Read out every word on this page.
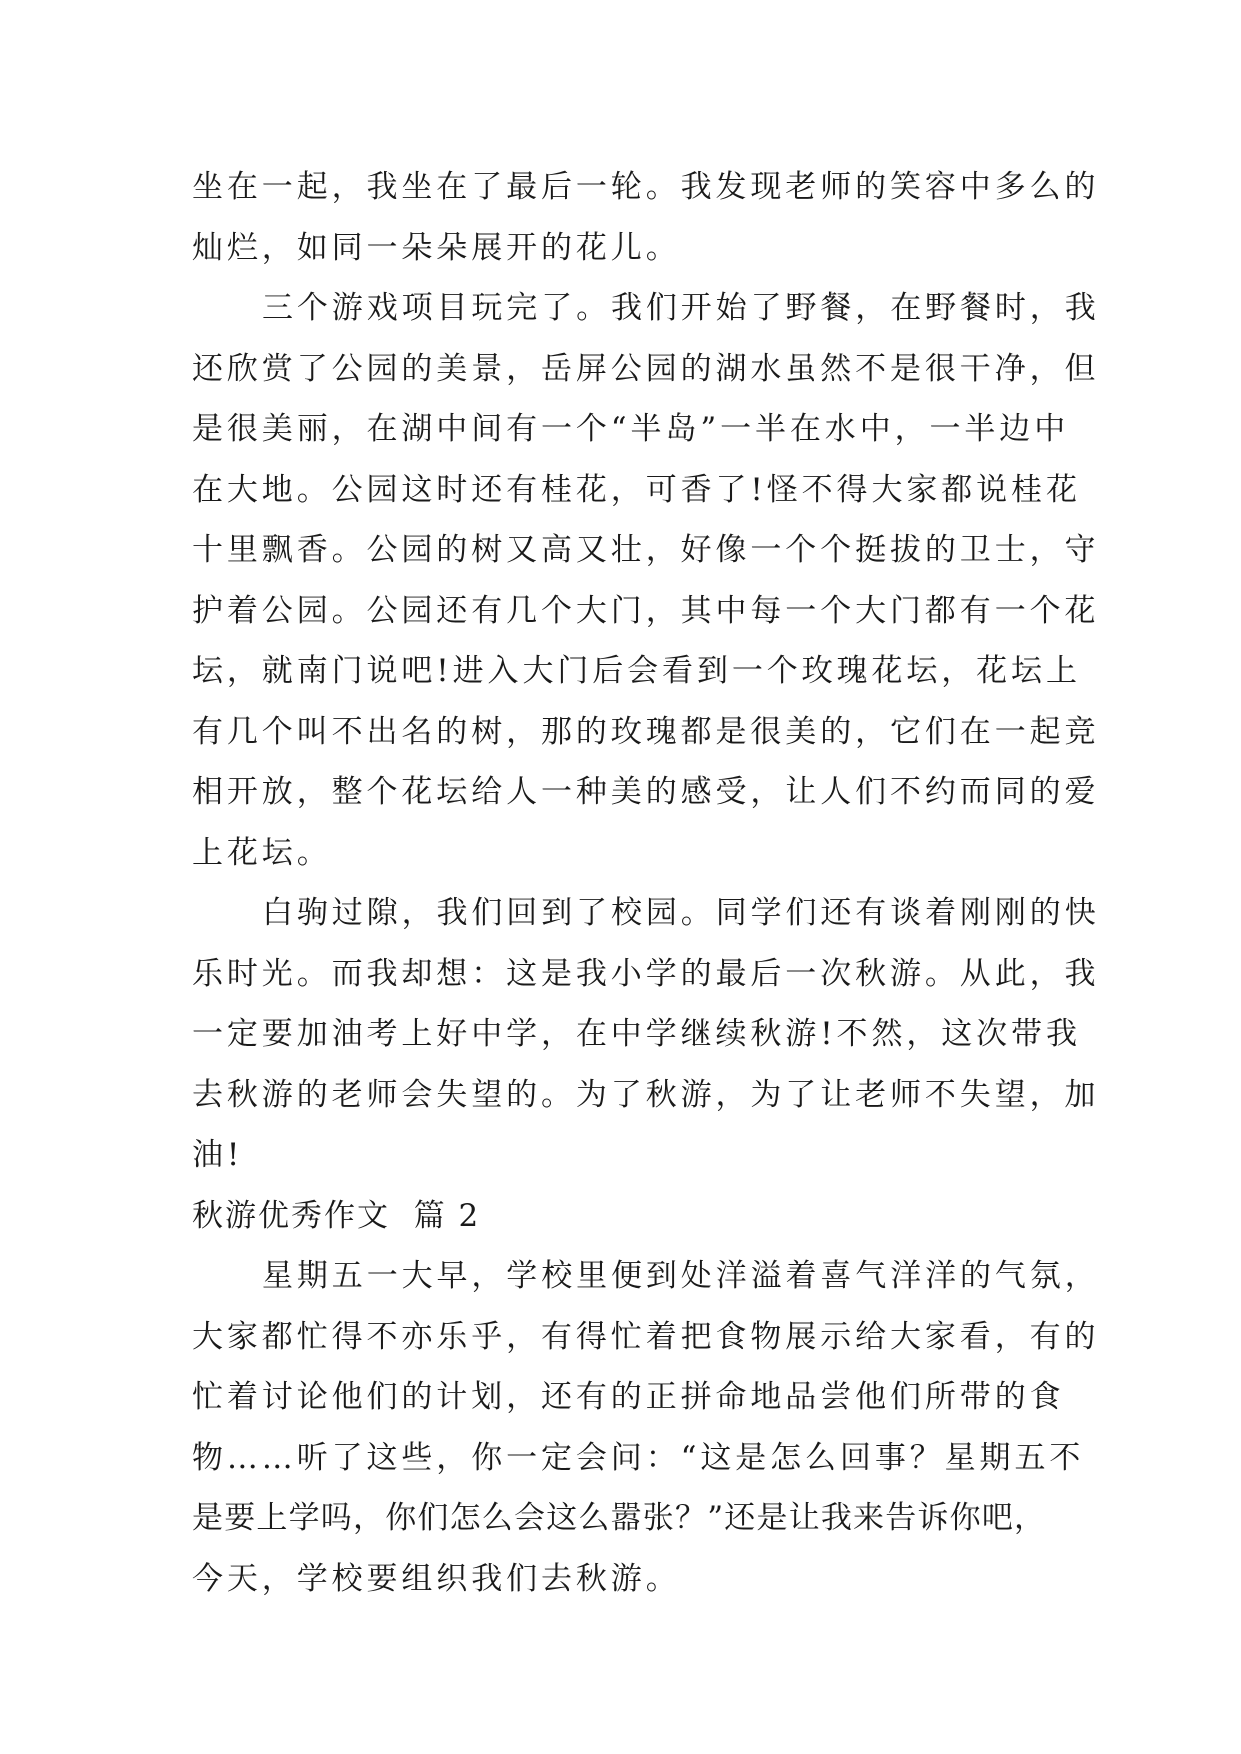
坐在一起，我坐在了最后一轮。我发现老师的笑容中多么的
灿烂，如同一朵朵展开的花儿。
三个游戏项目玩完了。我们开始了野餐，在野餐时，我
还欣赏了公园的美景，岳屏公园的湖水虽然不是很干净，但
是很美丽，在湖中间有一个“半岛”一半在水中，一半边中
在大地。公园这时还有桂花，可香了!怪不得大家都说桂花
十里飘香。公园的树又高又壮，好像一个个挺拔的卫士，守
护着公园。公园还有几个大门，其中每一个大门都有一个花
坛，就南门说吧!进入大门后会看到一个玫瑰花坛，花坛上
有几个叫不出名的树，那的玫瑰都是很美的，它们在一起竞
相开放，整个花坛给人一种美的感受，让人们不约而同的爱
上花坛。
白驹过隙，我们回到了校园。同学们还有谈着刚刚的快
乐时光。而我却想：这是我小学的最后一次秋游。从此，我
一定要加油考上好中学，在中学继续秋游!不然，这次带我
去秋游的老师会失望的。为了秋游，为了让老师不失望，加
油!
秋游优秀作文  篇 2
星期五一大早，学校里便到处洋溢着喜气洋洋的气氛，
大家都忙得不亦乐乎，有得忙着把食物展示给大家看，有的
忙着讨论他们的计划，还有的正拼命地品尝他们所带的食
物……听了这些，你一定会问：“这是怎么回事？星期五不
是要上学吗，你们怎么会这么嚣张？”还是让我来告诉你吧，
今天，学校要组织我们去秋游。
